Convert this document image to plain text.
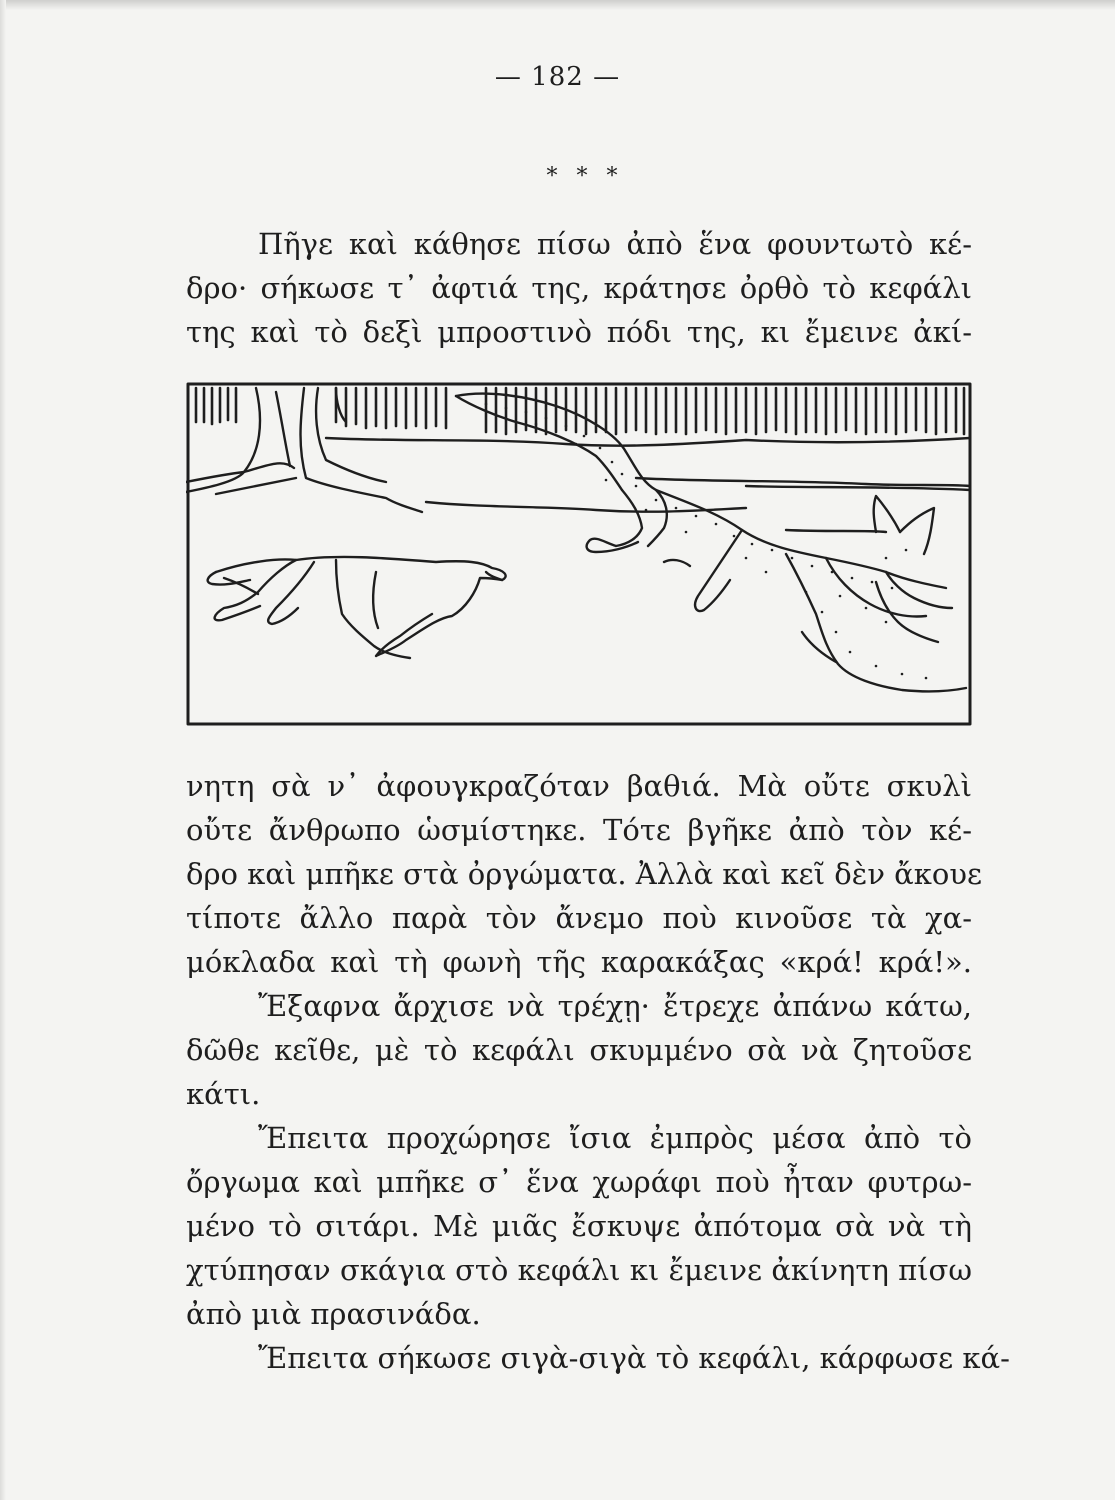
— 182 —
* * *

Πῆγε καὶ κάθησε πίσω ἀπὸ ἕνα φουντωτὸ κέ-

δρο· σήκωσε τ᾽ ἀφτιά της, κράτησε ὀρθὸ τὸ κεφάλι

της καὶ τὸ δεξὶ μπροστινὸ πόδι της, κι ἔμεινε ἀκί-

νητη σὰ ν᾽ ἀφουγκραζόταν βαθιά. Μὰ οὔτε σκυλὶ

οὔτε ἄνθρωπο ὡσμίστηκε. Τότε βγῆκε ἀπὸ τὸν κέ-

δρο καὶ μπῆκε στὰ ὀργώματα. Ἀλλὰ καὶ κεῖ δὲν ἄκουε

τίποτε ἄλλο παρὰ τὸν ἄνεμο ποὺ κινοῦσε τὰ χα-

μόκλαδα καὶ τὴ φωνὴ τῆς καρακάξας «κρά! κρά!».

Ἔξαφνα ἄρχισε νὰ τρέχῃ· ἔτρεχε ἀπάνω κάτω,

δῶθε κεῖθε, μὲ τὸ κεφάλι σκυμμένο σὰ νὰ ζητοῦσε

κάτι.

Ἔπειτα προχώρησε ἴσια ἐμπρὸς μέσα ἀπὸ τὸ

ὄργωμα καὶ μπῆκε σ᾽ ἕνα χωράφι ποὺ ἦταν φυτρω-

μένο τὸ σιτάρι. Μὲ μιᾶς ἔσκυψε ἀπότομα σὰ νὰ τὴ

χτύπησαν σκάγια στὸ κεφάλι κι ἔμεινε ἀκίνητη πίσω

ἀπὸ μιὰ πρασινάδα.

Ἔπειτα σήκωσε σιγὰ-σιγὰ τὸ κεφάλι, κάρφωσε κά-
